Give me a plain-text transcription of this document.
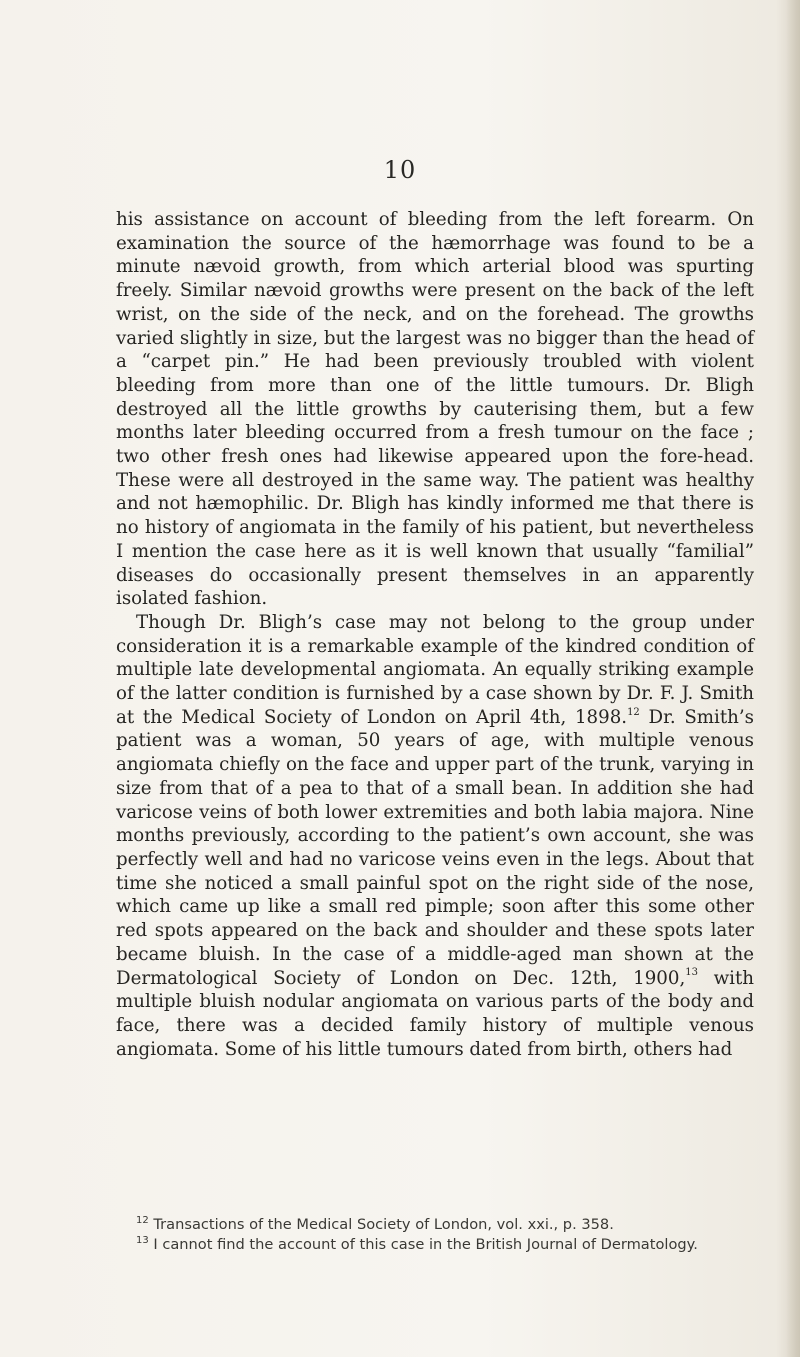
10

his assistance on account of bleeding from the left forearm. On examination the source of the hæmorrhage was found to be a minute nævoid growth, from which arterial blood was spurting freely. Similar nævoid growths were present on the back of the left wrist, on the side of the neck, and on the forehead. The growths varied slightly in size, but the largest was no bigger than the head of a “carpet pin.” He had been previously troubled with violent bleeding from more than one of the little tumours. Dr. Bligh destroyed all the little growths by cauterising them, but a few months later bleeding occurred from a fresh tumour on the face ; two other fresh ones had likewise appeared upon the fore-head. These were all destroyed in the same way. The patient was healthy and not hæmophilic. Dr. Bligh has kindly informed me that there is no history of angiomata in the family of his patient, but nevertheless I mention the case here as it is well known that usually “familial” diseases do occasionally present themselves in an apparently isolated fashion.

Though Dr. Bligh’s case may not belong to the group under consideration it is a remarkable example of the kindred condition of multiple late developmental angiomata. An equally striking example of the latter condition is furnished by a case shown by Dr. F. J. Smith at the Medical Society of London on April 4th, 1898.12 Dr. Smith’s patient was a woman, 50 years of age, with multiple venous angiomata chiefly on the face and upper part of the trunk, varying in size from that of a pea to that of a small bean. In addition she had varicose veins of both lower extremities and both labia majora. Nine months previously, according to the patient’s own account, she was perfectly well and had no varicose veins even in the legs. About that time she noticed a small painful spot on the right side of the nose, which came up like a small red pimple; soon after this some other red spots appeared on the back and shoulder and these spots later became bluish. In the case of a middle-aged man shown at the Dermatological Society of London on Dec. 12th, 1900,13 with multiple bluish nodular angiomata on various parts of the body and face, there was a decided family history of multiple venous angiomata. Some of his little tumours dated from birth, others had

$^{12}$ Transactions of the Medical Society of London, vol. xxi., p. 358.

$^{13}$ I cannot find the account of this case in the British Journal of Dermatology.
